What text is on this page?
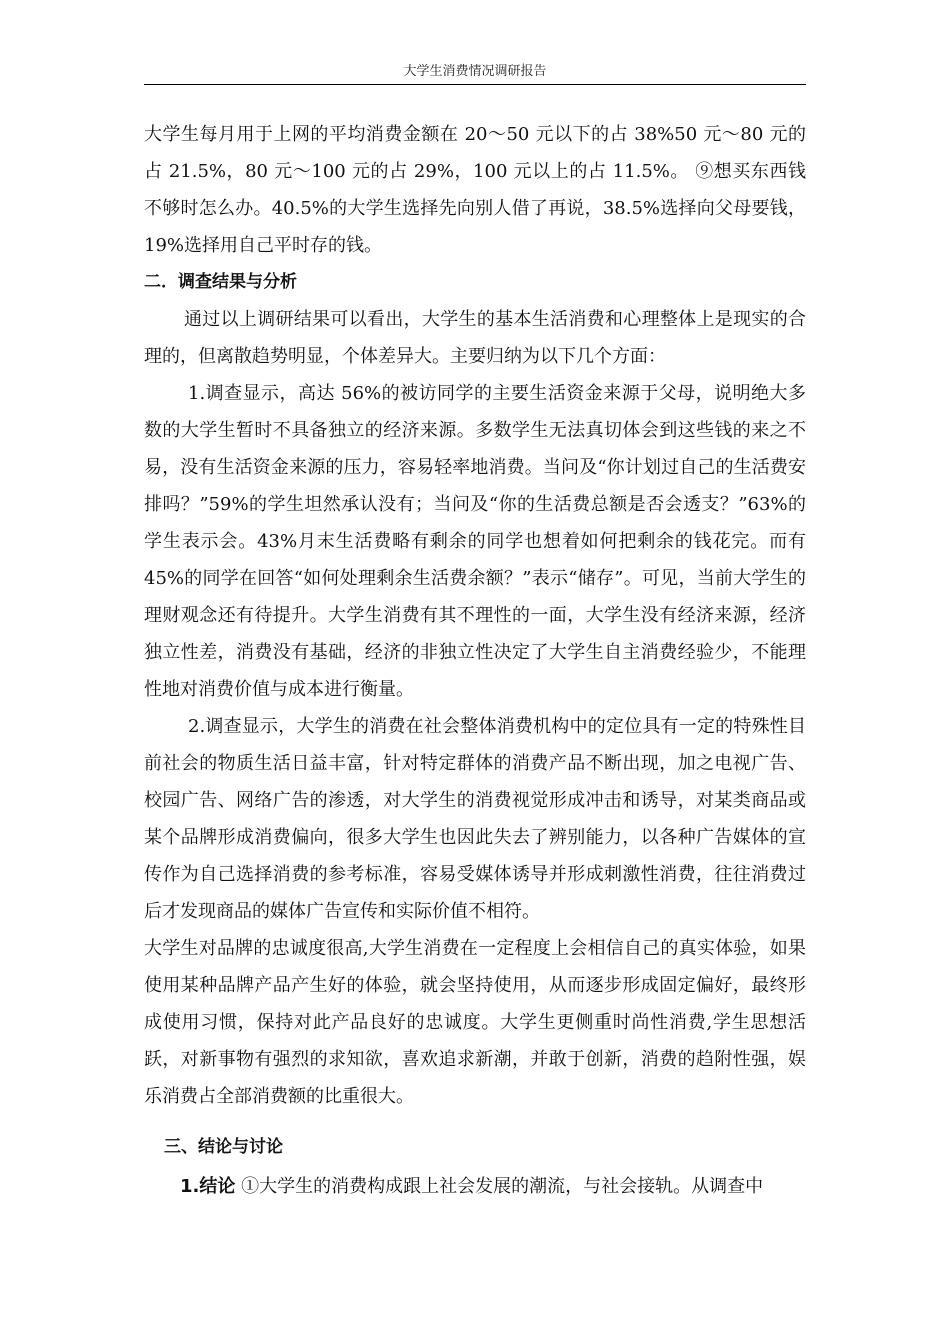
大学生消费情况调研报告

大学生每月用于上网的平均消费金额在 20～50 元以下的占 38%50 元～80 元的占 21.5%，80 元～100 元的占 29%，100 元以上的占 11.5%。 ⑨想买东西钱不够时怎么办。40.5%的大学生选择先向别人借了再说，38.5%选择向父母要钱，19%选择用自己平时存的钱。

二．调查结果与分析

通过以上调研结果可以看出，大学生的基本生活消费和心理整体上是现实的合理的，但离散趋势明显，个体差异大。主要归纳为以下几个方面：

1.调查显示，高达 56%的被访同学的主要生活资金来源于父母，说明绝大多数的大学生暂时不具备独立的经济来源。多数学生无法真切体会到这些钱的来之不易，没有生活资金来源的压力，容易轻率地消费。当问及“你计划过自己的生活费安排吗？”59%的学生坦然承认没有；当问及“你的生活费总额是否会透支？”63%的学生表示会。43%月末生活费略有剩余的同学也想着如何把剩余的钱花完。而有 45%的同学在回答“如何处理剩余生活费余额？”表示“储存”。可见，当前大学生的理财观念还有待提升。大学生消费有其不理性的一面，大学生没有经济来源，经济独立性差，消费没有基础，经济的非独立性决定了大学生自主消费经验少，不能理性地对消费价值与成本进行衡量。

2.调查显示，大学生的消费在社会整体消费机构中的定位具有一定的特殊性目前社会的物质生活日益丰富，针对特定群体的消费产品不断出现，加之电视广告、校园广告、网络广告的渗透，对大学生的消费视觉形成冲击和诱导，对某类商品或某个品牌形成消费偏向，很多大学生也因此失去了辨别能力，以各种广告媒体的宣传作为自己选择消费的参考标准，容易受媒体诱导并形成刺激性消费，往往消费过后才发现商品的媒体广告宣传和实际价值不相符。

大学生对品牌的忠诚度很高,大学生消费在一定程度上会相信自己的真实体验，如果使用某种品牌产品产生好的体验，就会坚持使用，从而逐步形成固定偏好，最终形成使用习惯，保持对此产品良好的忠诚度。大学生更侧重时尚性消费,学生思想活跃，对新事物有强烈的求知欲，喜欢追求新潮，并敢于创新，消费的趋附性强，娱乐消费占全部消费额的比重很大。

三、结论与讨论

1.结论 ①大学生的消费构成跟上社会发展的潮流，与社会接轨。从调查中
